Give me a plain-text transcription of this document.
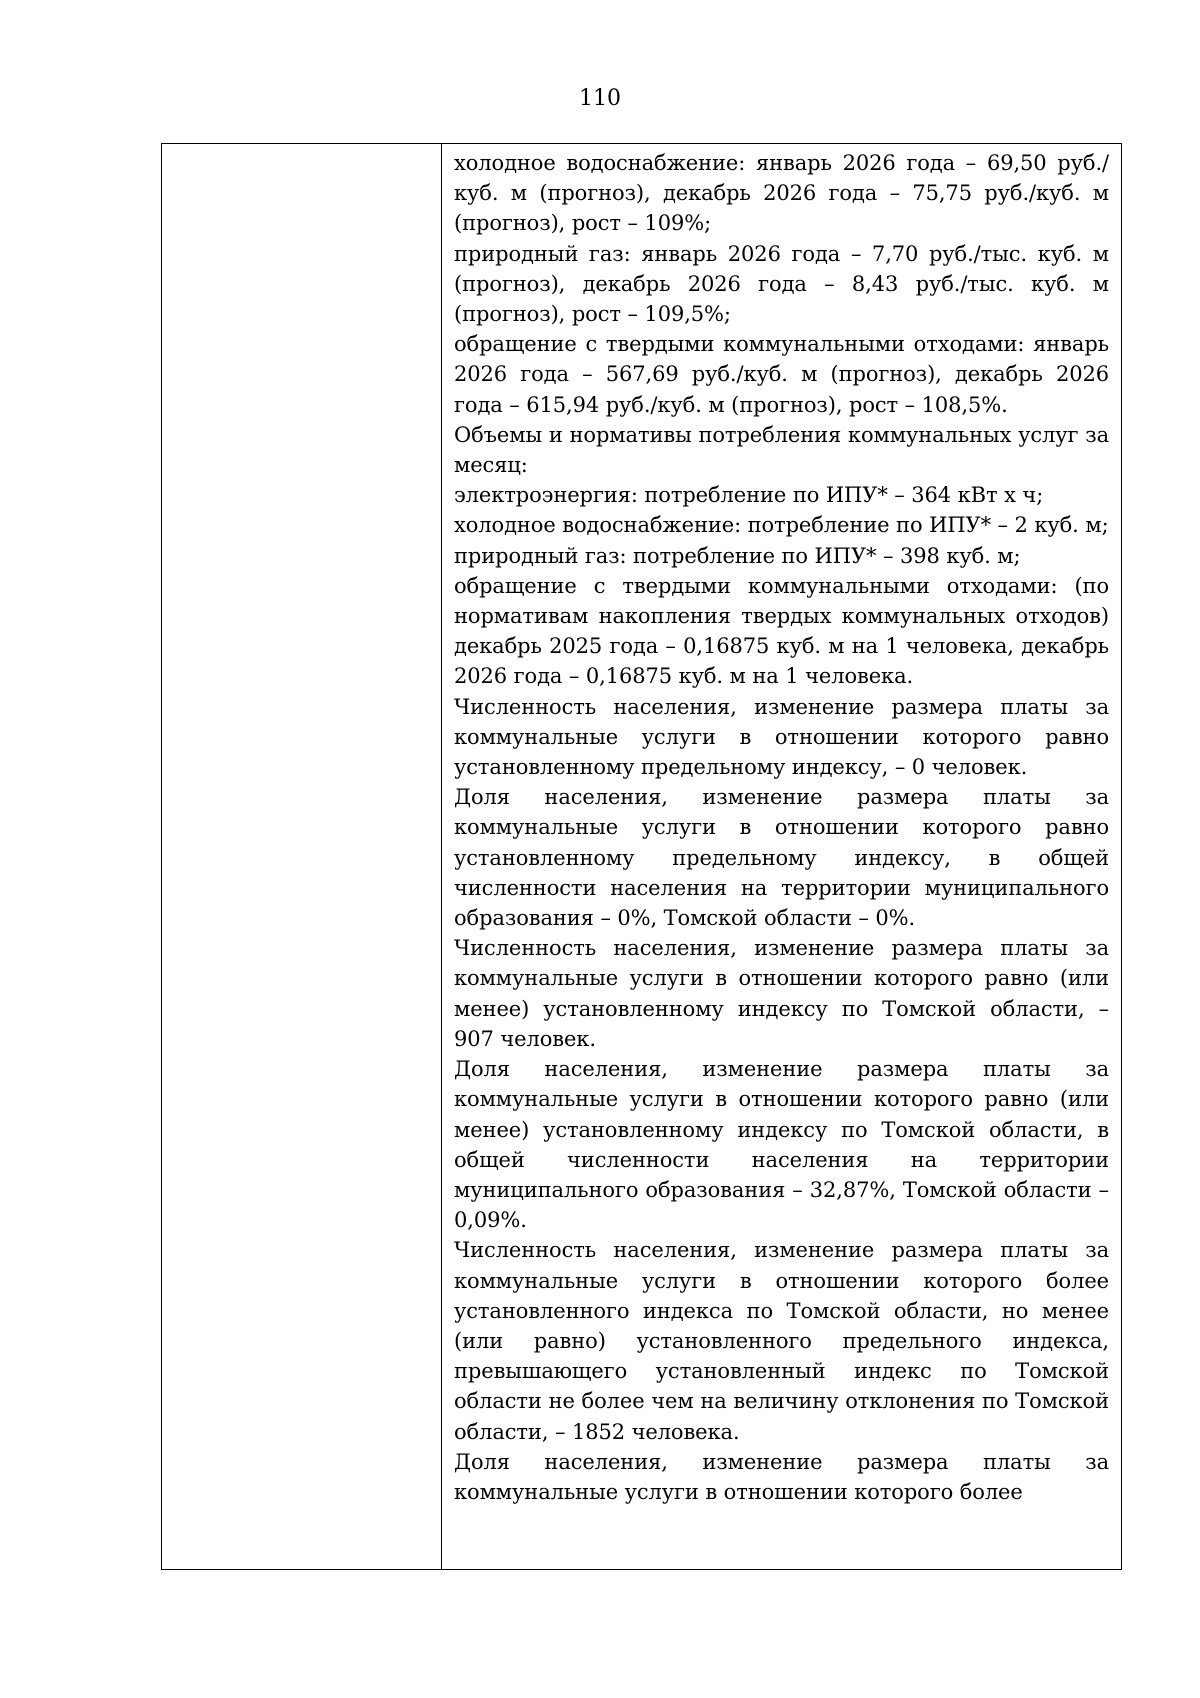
110

холодное водоснабжение: январь 2026 года – 69,50 руб./куб. м (прогноз), декабрь 2026 года – 75,75 руб./куб. м (прогноз), рост – 109%;

природный газ: январь 2026 года – 7,70 руб./тыс. куб. м (прогноз), декабрь 2026 года – 8,43 руб./тыс. куб. м (прогноз), рост – 109,5%;

обращение с твердыми коммунальными отходами: январь 2026 года – 567,69 руб./куб. м (прогноз), декабрь 2026 года – 615,94 руб./куб. м (прогноз), рост – 108,5%.

Объемы и нормативы потребления коммунальных услуг за месяц:

электроэнергия: потребление по ИПУ* – 364 кВт х ч;

холодное водоснабжение: потребление по ИПУ* – 2 куб. м;

природный газ: потребление по ИПУ* – 398 куб. м;

обращение с твердыми коммунальными отходами: (по нормативам накопления твердых коммунальных отходов) декабрь 2025 года – 0,16875 куб. м на 1 человека, декабрь 2026 года – 0,16875 куб. м на 1 человека.

Численность населения, изменение размера платы за коммунальные услуги в отношении которого равно установленному предельному индексу, – 0 человек.

Доля населения, изменение размера платы за коммунальные услуги в отношении которого равно установленному предельному индексу, в общей численности населения на территории муниципального образования – 0%, Томской области – 0%.

Численность населения, изменение размера платы за коммунальные услуги в отношении которого равно (или менее) установленному индексу по Томской области, – 907 человек.

Доля населения, изменение размера платы за коммунальные услуги в отношении которого равно (или менее) установленному индексу по Томской области, в общей численности населения на территории муниципального образования – 32,87%, Томской области – 0,09%.

Численность населения, изменение размера платы за коммунальные услуги в отношении которого более установленного индекса по Томской области, но менее (или равно) установленного предельного индекса, превышающего установленный индекс по Томской области не более чем на величину отклонения по Томской области, – 1852 человека.

Доля населения, изменение размера платы за коммунальные услуги в отношении которого более
